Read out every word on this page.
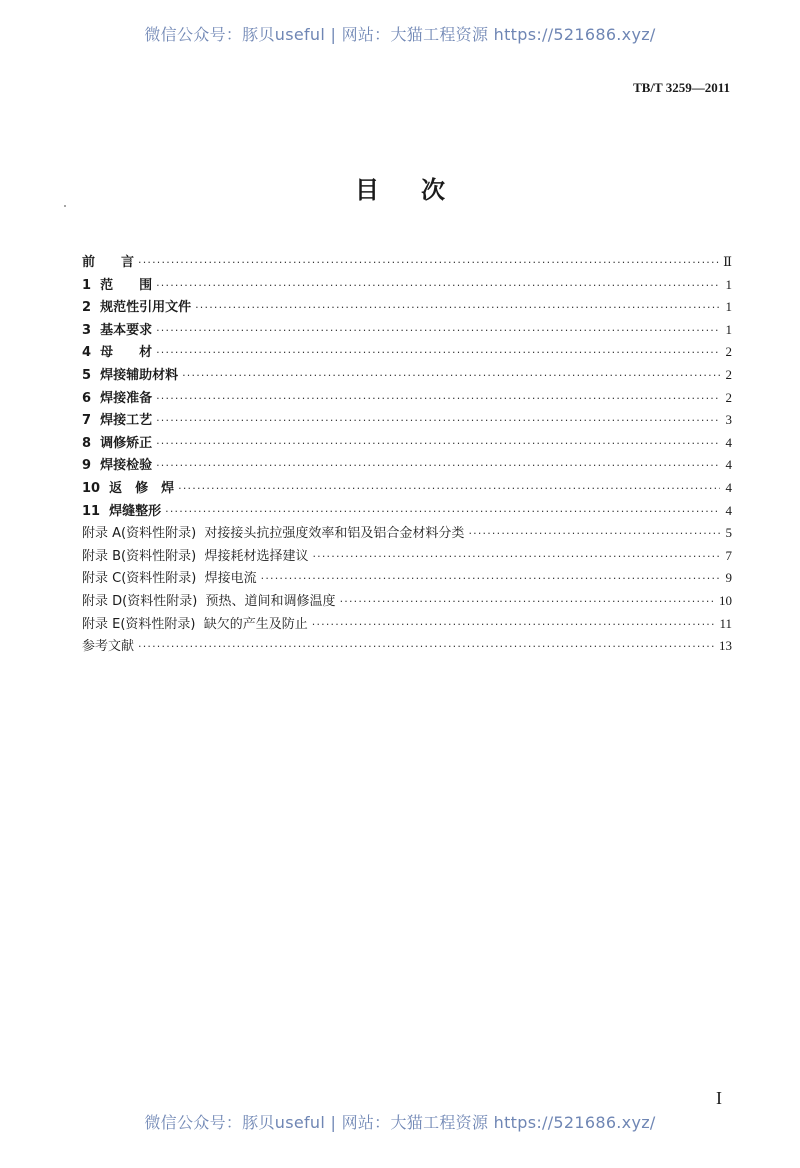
微信公众号：豚贝useful | 网站：大猫工程资源 https://521686.xyz/
TB/T 3259—2011
目次
前　　言 ·····	Ⅱ
1  范　　围 ·····	1
2  规范性引用文件 ·····	1
3  基本要求 ·····	1
4  母　　材 ·····	2
5  焊接辅助材料 ·····	2
6  焊接准备 ·····	2
7  焊接工艺 ·····	3
8  调修矫正 ·····	4
9  焊接检验 ·····	4
10  返　修　焊 ·····	4
11  焊缝整形 ·····	4
附录 A(资料性附录)  对接接头抗拉强度效率和铝及铝合金材料分类 ·····	5
附录 B(资料性附录)  焊接耗材选择建议 ·····	7
附录 C(资料性附录)  焊接电流 ·····	9
附录 D(资料性附录)  预热、道间和调修温度 ·····	10
附录 E(资料性附录)  缺欠的产生及防止 ·····	11
参考文献 ·····	13
I
微信公众号：豚贝useful | 网站：大猫工程资源 https://521686.xyz/
